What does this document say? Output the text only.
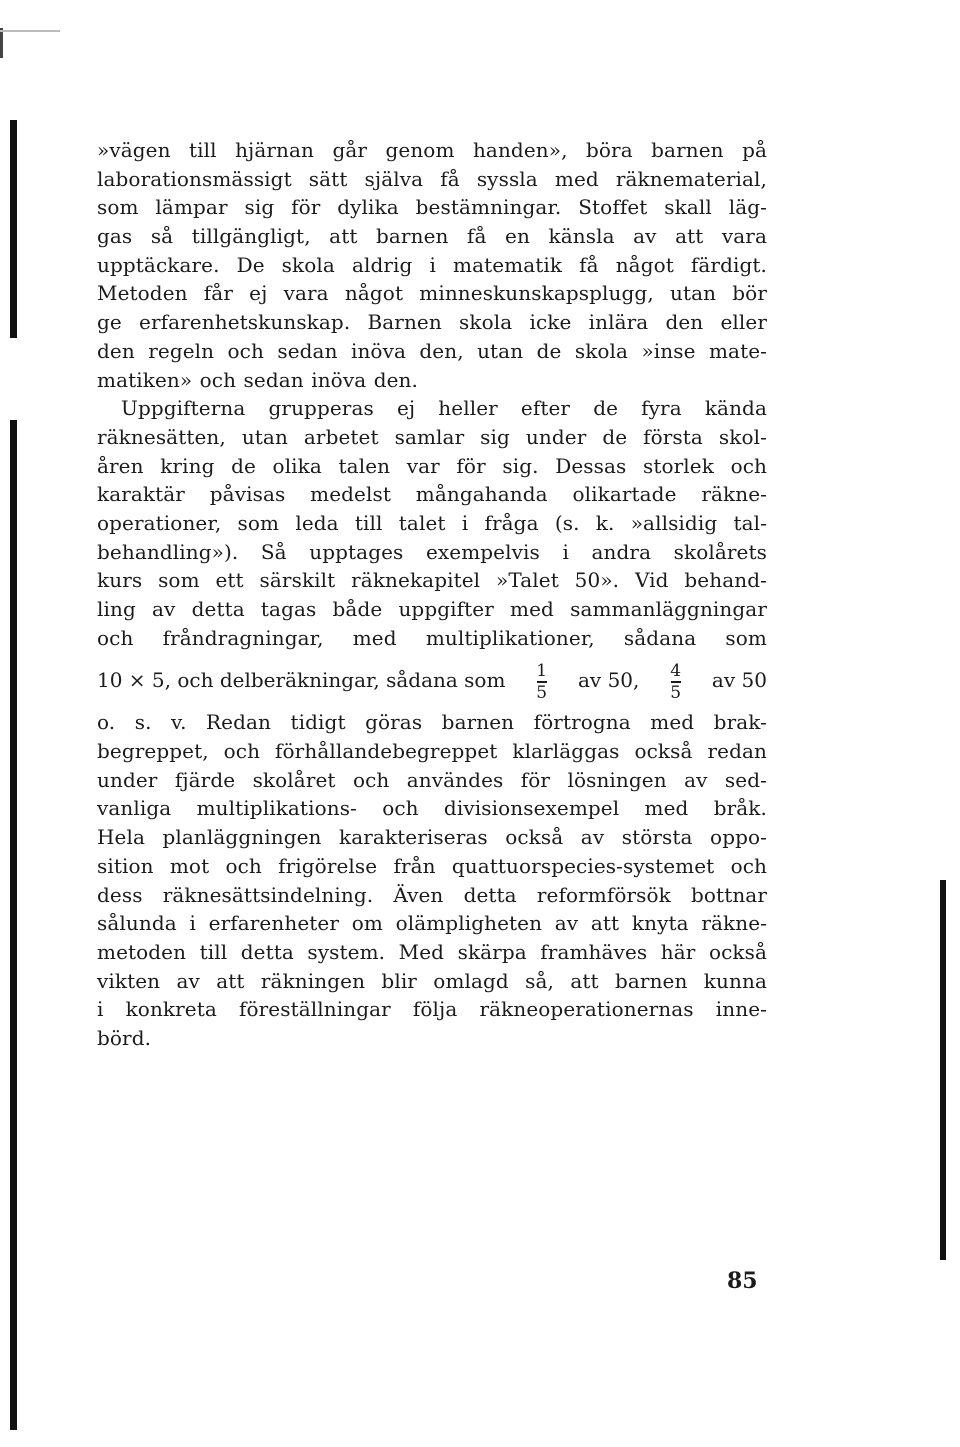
»vägen till hjärnan går genom handen», böra barnen på
laborationsmässigt sätt själva få syssla med räknematerial,
som lämpar sig för dylika bestämningar. Stoffet skall läg-
gas så tillgängligt, att barnen få en känsla av att vara
upptäckare. De skola aldrig i matematik få något färdigt.
Metoden får ej vara något minneskunskapsplugg, utan bör
ge erfarenhetskunskap. Barnen skola icke inlära den eller
den regeln och sedan inöva den, utan de skola »inse mate-
matiken» och sedan inöva den.
Uppgifterna grupperas ej heller efter de fyra kända
räknesätten, utan arbetet samlar sig under de första skol-
åren kring de olika talen var för sig. Dessas storlek och
karaktär påvisas medelst mångahanda olikartade räkne-
operationer, som leda till talet i fråga (s. k. »allsidig tal-
behandling»). Så upptages exempelvis i andra skolårets
kurs som ett särskilt räknekapitel »Talet 50». Vid behand-
ling av detta tagas både uppgifter med sammanläggningar
och fråndragningar, med multiplikationer, sådana som
10 × 5, och delberäkningar, sådana som $\frac{1}{5}$ av 50, $\frac{4}{5}$ av 50
o. s. v. Redan tidigt göras barnen förtrogna med brak-
begreppet, och förhållandebegreppet klarläggas också redan
under fjärde skolåret och användes för lösningen av sed-
vanliga multiplikations- och divisionsexempel med bråk.
Hela planläggningen karakteriseras också av största oppo-
sition mot och frigörelse från quattuorspecies-systemet och
dess räknesättsindelning. Även detta reformförsök bottnar
sålunda i erfarenheter om olämpligheten av att knyta räkne-
metoden till detta system. Med skärpa framhäves här också
vikten av att räkningen blir omlagd så, att barnen kunna
i konkreta föreställningar följa räkneoperationernas inne-
börd.
85
